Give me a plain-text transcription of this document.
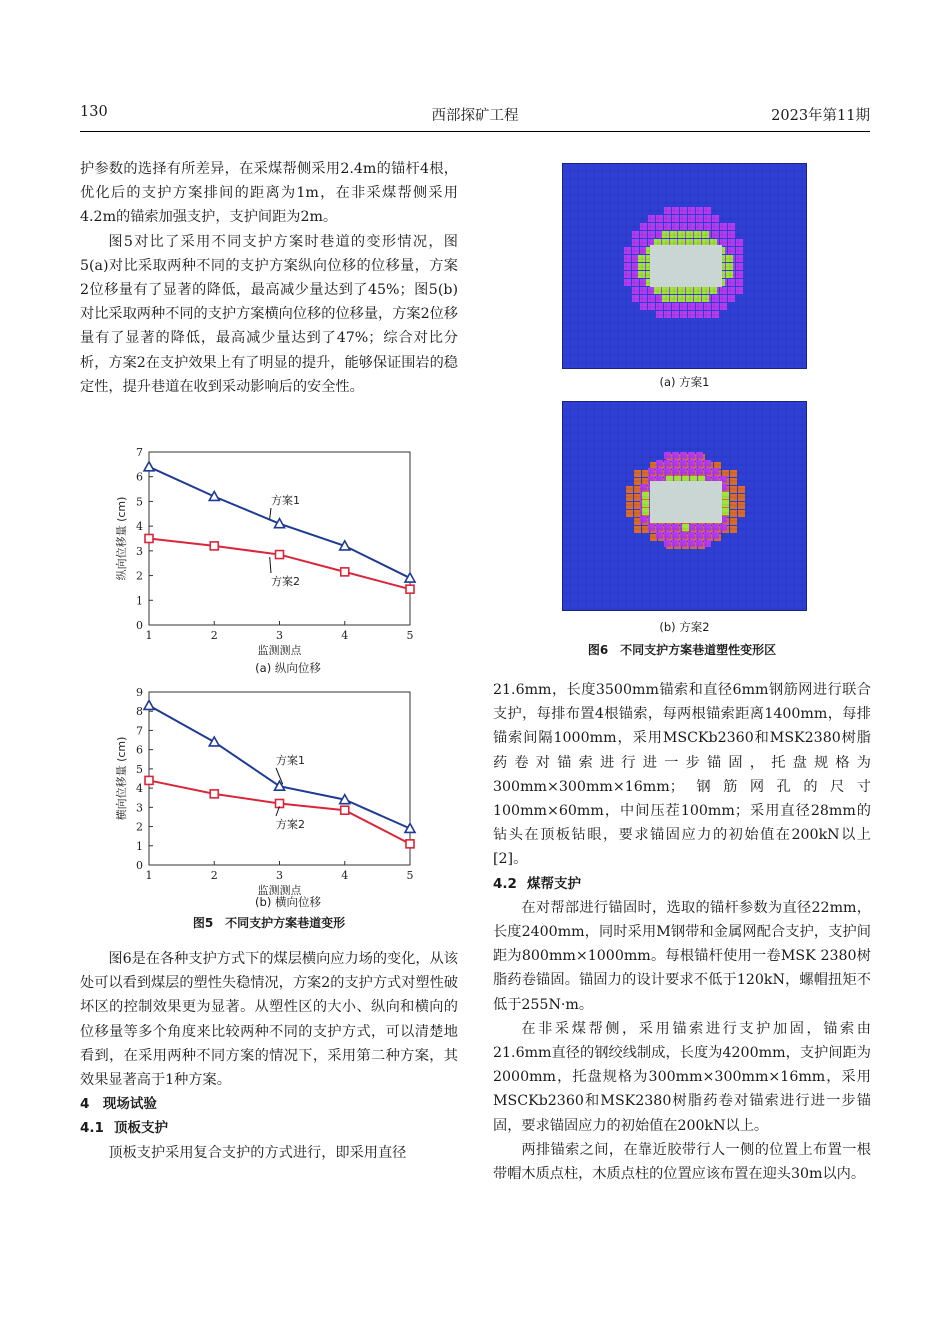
130	西部探矿工程	2023年第11期

护参数的选择有所差异，在采煤帮侧采用2.4m的锚杆4根，优化后的支护方案排间的距离为1m，在非采煤帮侧采用4.2m的锚索加强支护，支护间距为2m。

图5对比了采用不同支护方案时巷道的变形情况，图5(a)对比采取两种不同的支护方案纵向位移的位移量，方案2位移量有了显著的降低，最高减少量达到了45%；图5(b)对比采取两种不同的支护方案横向位移的位移量，方案2位移量有了显著的降低，最高减少量达到了47%；综合对比分析，方案2在支护效果上有了明显的提升，能够保证围岩的稳定性，提升巷道在收到采动影响后的安全性。

0
1
2
3
4
5
6
7
1	2	3	4	5
监测测点
纵向位移量 (cm)	方案1
方案2
(a) 纵向位移
0
1
2
3
4
5
6
7
8
9
1	2	3	4	5
监测测点
横向位移量 (cm)	方案1
方案2
(b) 横向位移
图5　不同支护方案巷道变形

图6是在各种支护方式下的煤层横向应力场的变化，从该处可以看到煤层的塑性失稳情况，方案2的支护方式对塑性破坏区的控制效果更为显著。从塑性区的大小、纵向和横向的位移量等多个角度来比较两种不同的支护方式，可以清楚地看到，在采用两种不同方案的情况下，采用第二种方案，其效果显著高于1种方案。

4　现场试验

4.1 顶板支护

顶板支护采用复合支护的方式进行，即采用直径

(a) 方案1
(b) 方案2
图6　不同支护方案巷道塑性变形区

21.6mm，长度3500mm锚索和直径6mm钢筋网进行联合支护，每排布置4根锚索，每两根锚索距离1400mm，每排锚索间隔1000mm，采用MSCKb2360和MSK2380树脂药卷对锚索进行进一步锚固，托盘规格为300mm×300mm×16mm；钢筋网孔的尺寸100mm×60mm，中间压茬100mm；采用直径28mm的钻头在顶板钻眼，要求锚固应力的初始值在200kN以上[2]。

4.2 煤帮支护

在对帮部进行锚固时，选取的锚杆参数为直径22mm，长度2400mm，同时采用M钢带和金属网配合支护，支护间距为800mm×1000mm。每根锚杆使用一卷MSK 2380树脂药卷锚固。锚固力的设计要求不低于120kN，螺帽扭矩不低于255N·m。

在非采煤帮侧，采用锚索进行支护加固，锚索由21.6mm直径的钢绞线制成，长度为4200mm，支护间距为2000mm，托盘规格为300mm×300mm×16mm，采用MSCKb2360和MSK2380树脂药卷对锚索进行进一步锚固，要求锚固应力的初始值在200kN以上。

两排锚索之间，在靠近胶带行人一侧的位置上布置一根带帽木质点柱，木质点柱的位置应该布置在迎头30m以内。
